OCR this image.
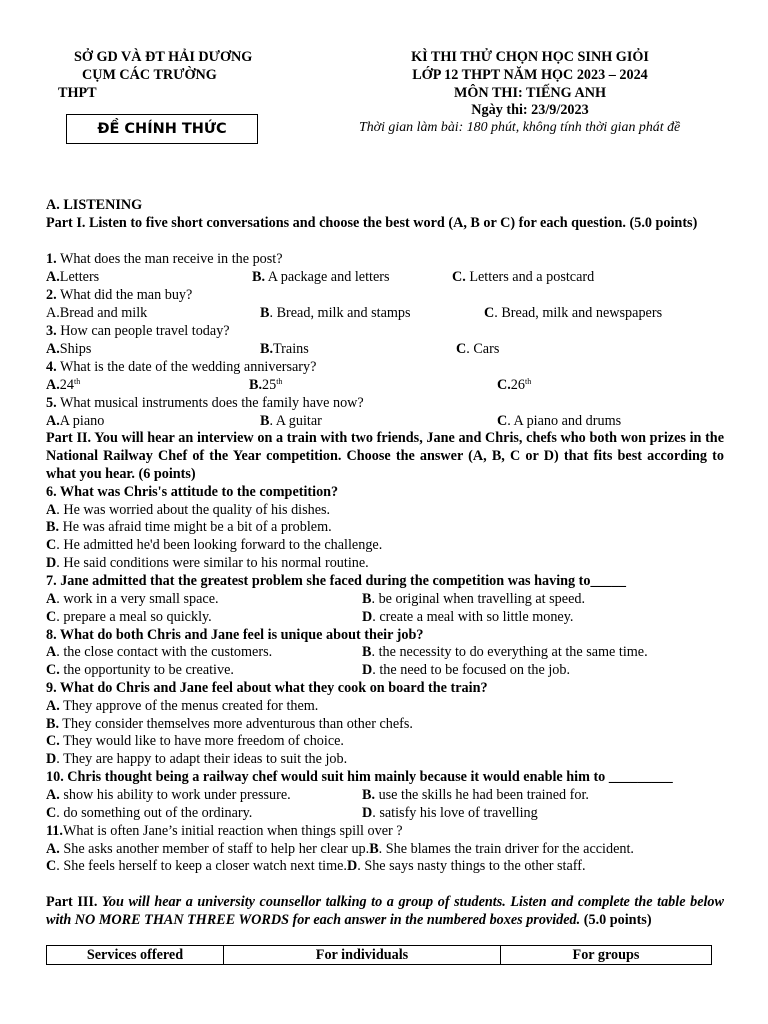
SỞ GD VÀ ĐT HẢI DƯƠNG
CỤM CÁC TRƯỜNG
THPT
KÌ THI THỬ CHỌN HỌC SINH GIỎI
LỚP 12 THPT NĂM HỌC 2023 – 2024
MÔN THI: TIẾNG ANH
Ngày thi: 23/9/2023
Thời gian làm bài: 180 phút, không tính thời gian phát đề
ĐỀ CHÍNH THỨC
A. LISTENING
Part I. Listen to five short conversations and choose the best word (A, B or C) for each question. (5.0 points)
1. What does the man receive in the post?
A.Letters	B. A package and letters	C. Letters and a postcard
2. What did the man buy?
A.Bread and milk	B. Bread, milk and stamps	C. Bread, milk and newspapers
3. How can people travel today?
A.Ships	B.Trains	C. Cars
4. What is the date of the wedding anniversary?
A.24th	B.25th	C.26th
5. What musical instruments does the family have now?
A.A piano	B. A guitar	C. A piano and drums
Part II. You will hear an interview on a train with two friends, Jane and Chris, chefs who both won prizes in the National Railway Chef of the Year competition. Choose the answer (A, B, C or D) that fits best according to what you hear. (6 points)
6. What was Chris's attitude to the competition?
A. He was worried about the quality of his dishes.
B. He was afraid time might be a bit of a problem.
C. He admitted he'd been looking forward to the challenge.
D. He said conditions were similar to his normal routine.
7. Jane admitted that the greatest problem she faced during the competition was having to_____
A. work in a very small space.	B. be original when travelling at speed.
C. prepare a meal so quickly.	D. create a meal with so little money.
8. What do both Chris and Jane feel is unique about their job?
A. the close contact with the customers.	B. the necessity to do everything at the same time.
C. the opportunity to be creative.	D. the need to be focused on the job.
9. What do Chris and Jane feel about what they cook on board the train?
A. They approve of the menus created for them.
B. They consider themselves more adventurous than other chefs.
C. They would like to have more freedom of choice.
D. They are happy to adapt their ideas to suit the job.
10. Chris thought being a railway chef would suit him mainly because it would enable him to _________
A. show his ability to work under pressure.	B. use the skills he had been trained for.
C. do something out of the ordinary.	D. satisfy his love of travelling
11.What is often Jane’s initial reaction when things spill over ?
A. She asks another member of staff to help her clear up.B. She blames the train driver for the accident.
C. She feels herself to keep a closer watch next time.D. She says nasty things to the other staff.
Part III. You will hear a university counsellor talking to a group of students. Listen and complete the table below with NO MORE THAN THREE WORDS for each answer in the numbered boxes provided. (5.0 points)
Services offered	For individuals	For groups
